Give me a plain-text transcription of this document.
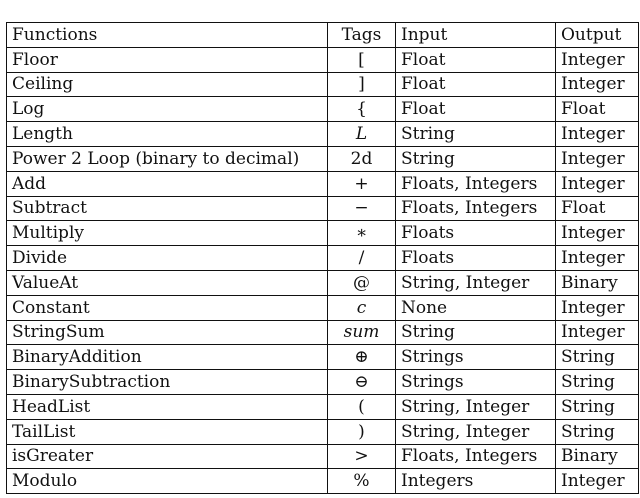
Functions	Tags	Input	Output
Floor	[	Float	Integer
Ceiling	]	Float	Integer
Log	{	Float	Float
Length	L	String	Integer
Power 2 Loop (binary to decimal)	2d	String	Integer
Add	+	Floats, Integers	Integer
Subtract	−	Floats, Integers	Float
Multiply	∗	Floats	Integer
Divide	/	Floats	Integer
ValueAt	@	String, Integer	Binary
Constant	c	None	Integer
StringSum	sum	String	Integer
BinaryAddition	⊕	Strings	String
BinarySubtraction	⊖	Strings	String
HeadList	(	String, Integer	String
TailList	)	String, Integer	String
isGreater	>	Floats, Integers	Binary
Modulo	%	Integers	Integer
